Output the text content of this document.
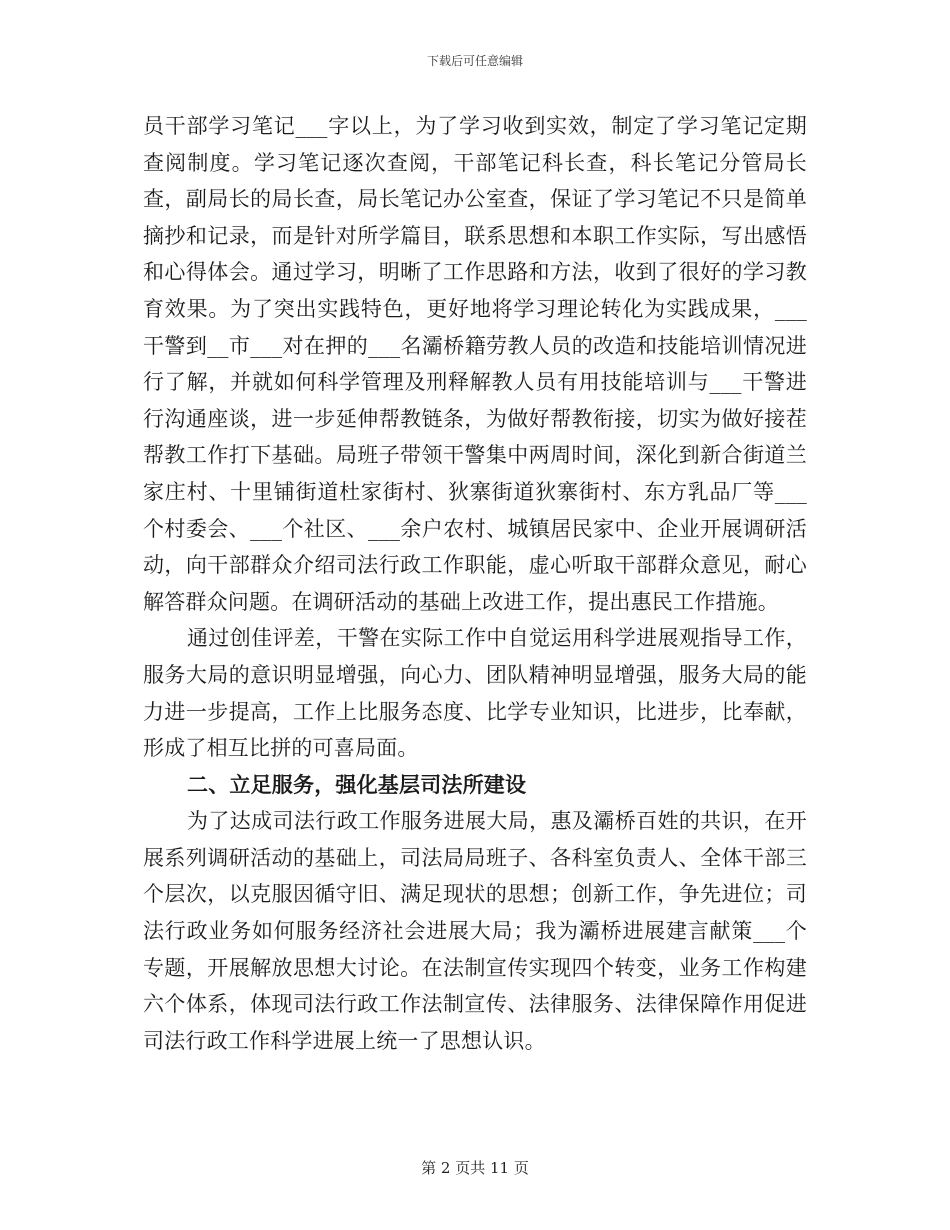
下载后可任意编辑

员干部学习笔记___字以上，为了学习收到实效，制定了学习笔记定期查阅制度。学习笔记逐次查阅，干部笔记科长查，科长笔记分管局长查，副局长的局长查，局长笔记办公室查，保证了学习笔记不只是简单摘抄和记录，而是针对所学篇目，联系思想和本职工作实际，写出感悟和心得体会。通过学习，明晰了工作思路和方法，收到了很好的学习教育效果。为了突出实践特色，更好地将学习理论转化为实践成果，___干警到__市___对在押的___名灞桥籍劳教人员的改造和技能培训情况进行了解，并就如何科学管理及刑释解教人员有用技能培训与___干警进行沟通座谈，进一步延伸帮教链条，为做好帮教衔接，切实为做好接茬帮教工作打下基础。局班子带领干警集中两周时间，深化到新合街道兰家庄村、十里铺街道杜家街村、狄寨街道狄寨街村、东方乳品厂等___个村委会、___个社区、___余户农村、城镇居民家中、企业开展调研活动，向干部群众介绍司法行政工作职能，虚心听取干部群众意见，耐心解答群众问题。在调研活动的基础上改进工作，提出惠民工作措施。

通过创佳评差，干警在实际工作中自觉运用科学进展观指导工作，服务大局的意识明显增强，向心力、团队精神明显增强，服务大局的能力进一步提高，工作上比服务态度、比学专业知识，比进步，比奉献，形成了相互比拼的可喜局面。

二、立足服务，强化基层司法所建设

为了达成司法行政工作服务进展大局，惠及灞桥百姓的共识，在开展系列调研活动的基础上，司法局局班子、各科室负责人、全体干部三个层次，以克服因循守旧、满足现状的思想；创新工作，争先进位；司法行政业务如何服务经济社会进展大局；我为灞桥进展建言献策___个专题，开展解放思想大讨论。在法制宣传实现四个转变，业务工作构建六个体系，体现司法行政工作法制宣传、法律服务、法律保障作用促进司法行政工作科学进展上统一了思想认识。

第 2 页共 11 页
